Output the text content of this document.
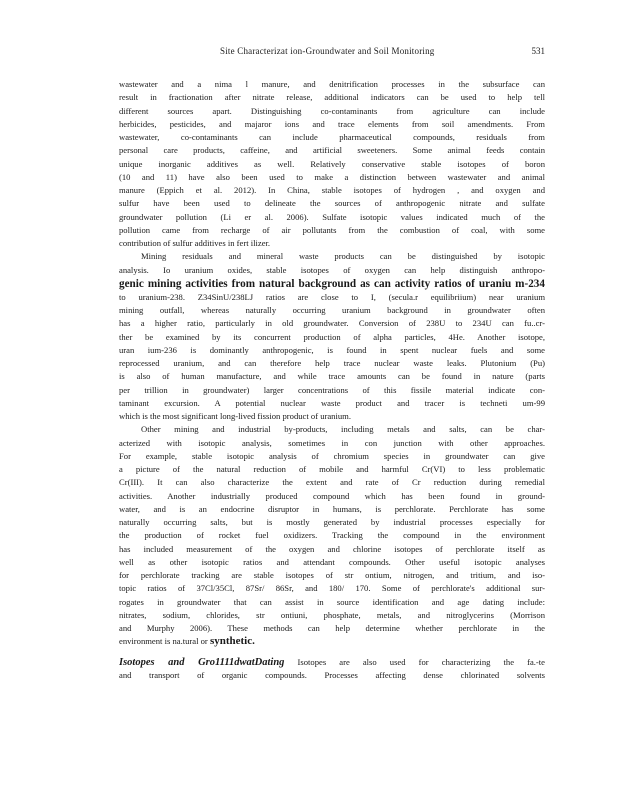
Site Characterizat ion-Groundwater and Soil Monitoring	531
wastewater and a nima l manure, and denitrification processes in the subsurface can
result in fractionation after nitrate release, additional indicators can be used to help tell
different sources apart. Distinguishing co-contaminants from agriculture can include
herbicides, pesticides, and majaror ions and trace elements from soil amendments. From
wastewater, co-contaminants can include pharmaceutical compounds, residuals from
personal care products, caffeine, and artificial sweeteners. Some animal feeds contain
unique inorganic additives as well. Relatively conservative stable isotopes of boron
(10 and 11) have also been used to make a distinction between wastewater and animal
manure (Eppich et al. 2012). In China, stable isotopes of hydrogen , and oxygen and
sulfur have been used to delineate the sources of anthropogenic nitrate and sulfate
groundwater pollution (Li er al. 2006). Sulfate isotopic values indicated much of the
pollution came from recharge of air pollutants from the combustion of coal, with some
contribution of sulfur additives in fert ilizer.
Mining residuals and mineral waste products can be distinguished by isotopic
analysis. Io uranium oxides, stable isotopes of oxygen can help distinguish anthropo-
genic mining activities from natural background as can activity ratios of uraniu m-234
to uranium-238. Z34SinU/238LJ ratios are close to I, (secula.r equilibriium) near uranium
mining outfall, whereas naturally occurring uranium background in groundwater often
has a higher ratio, particularly in old groundwater. Conversion of 238U to 234U can fu..cr-
ther be examined by its concurrent production of alpha particles, 4He. Another isotope,
uran ium-236 is dominantly anthropogenic, is found in spent nuclear fuels and some
reprocessed uranium, and can therefore help trace nuclear waste leaks. Plutonium (Pu)
is also of human manufacture, and while trace amounts can be found in nature (parts
per trillion in groundwater) larger concentrations of this fissile material indicate con-
taminant excursion. A potential nuclear waste product and tracer is techneti um-99
which is the most significant long-lived fission product of uranium.
Other mining and industrial by-products, including metals and salts, can be char-
acterized with isotopic analysis, sometimes in con junction with other approaches.
For example, stable isotopic analysis of chromium species in groundwater can give
a picture of the natural reduction of mobile and harmful Cr(VI) to less problematic
Cr(III). It can also characterize the extent and rate of Cr reduction during remedial
activities. Another industrially produced compound which has been found in ground-
water, and is an endocrine disruptor in humans, is perchlorate. Perchlorate has some
naturally occurring salts, but is mostly generated by industrial processes especially for
the production of rocket fuel oxidizers. Tracking the compound in the environment
has included measurement of the oxygen and chlorine isotopes of perchlorate itself as
well as other isotopic ratios and attendant compounds. Other useful isotopic analyses
for perchlorate tracking are stable isotopes of str ontium, nitrogen, and tritium, and iso-
topic ratios of 37Cl/35Cl, 87Sr/ 86Sr, and 180/ 170. Some of perchlorate's additional sur-
rogates in groundwater that can assist in source identification and age dating include:
nitrates, sodium, chlorides, str ontiuni, phosphate, metals, and nitroglycerins (Morrison
and Murphy 2006). These methods can help determine whether perchlorate in the
environment is na.tural or synthetic.
Isotopes and Gro1111dwatDating Isotopes are also used for characterizing the fa.-te
and transport of organic compounds. Processes affecting dense chlorinated solvents
